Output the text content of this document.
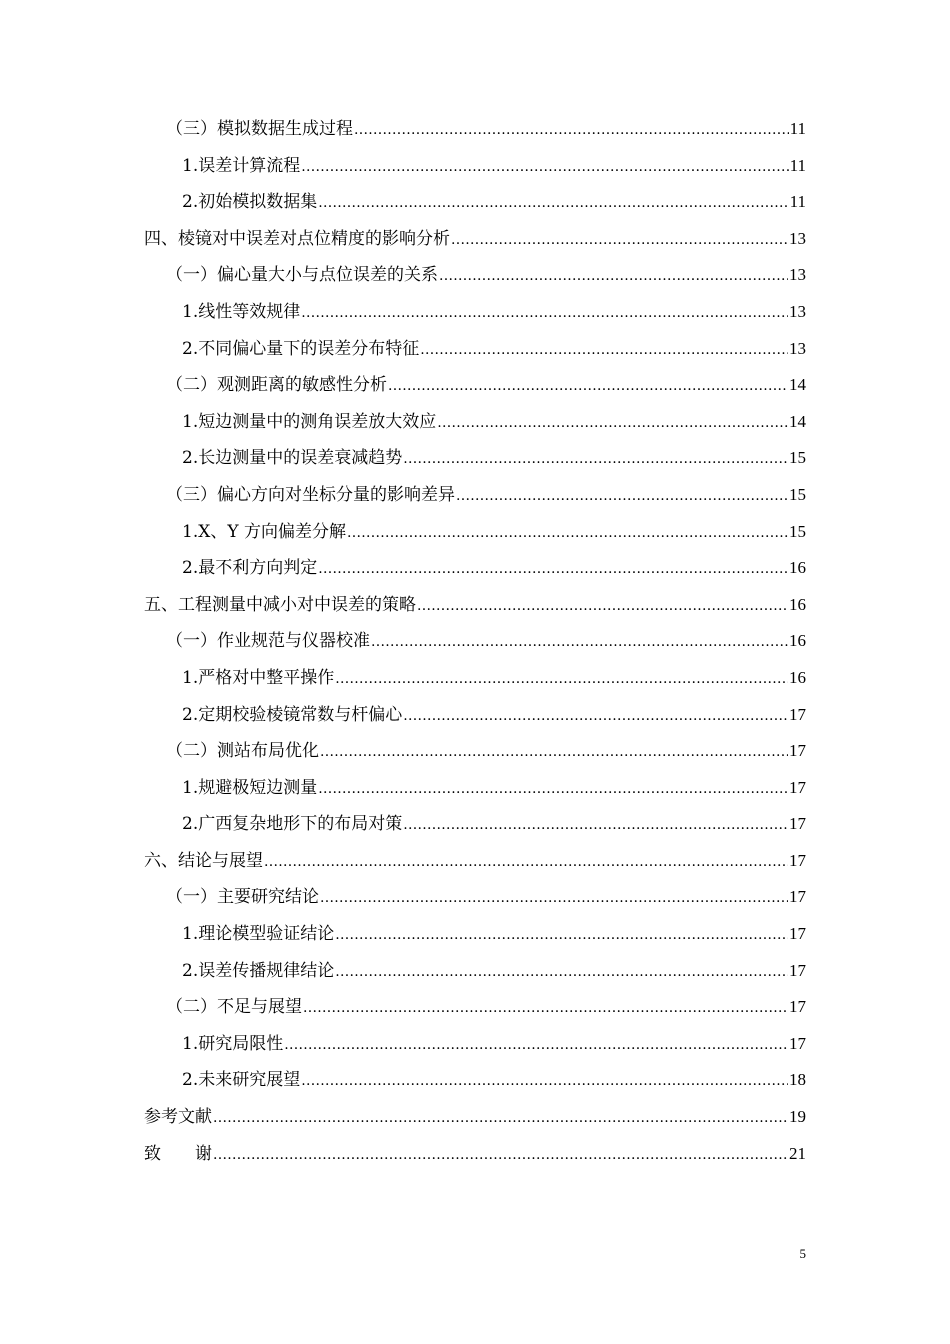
（三）模拟数据生成过程 .....	11
1.误差计算流程 .....	11
2.初始模拟数据集 .....	11
四、棱镜对中误差对点位精度的影响分析 .....	13
（一）偏心量大小与点位误差的关系 .....	13
1.线性等效规律 .....	13
2.不同偏心量下的误差分布特征 .....	13
（二）观测距离的敏感性分析 .....	14
1.短边测量中的测角误差放大效应 .....	14
2.长边测量中的误差衰减趋势 .....	15
（三）偏心方向对坐标分量的影响差异 .....	15
1.X、Y 方向偏差分解 .....	15
2.最不利方向判定 .....	16
五、工程测量中减小对中误差的策略 .....	16
（一）作业规范与仪器校准 .....	16
1.严格对中整平操作 .....	16
2.定期校验棱镜常数与杆偏心 .....	17
（二）测站布局优化 .....	17
1.规避极短边测量 .....	17
2.广西复杂地形下的布局对策 .....	17
六、结论与展望 .....	17
（一）主要研究结论 .....	17
1.理论模型验证结论 .....	17
2.误差传播规律结论 .....	17
（二）不足与展望 .....	17
1.研究局限性 .....	17
2.未来研究展望 .....	18
参考文献 .....	19
致　　谢 .....	21
5
